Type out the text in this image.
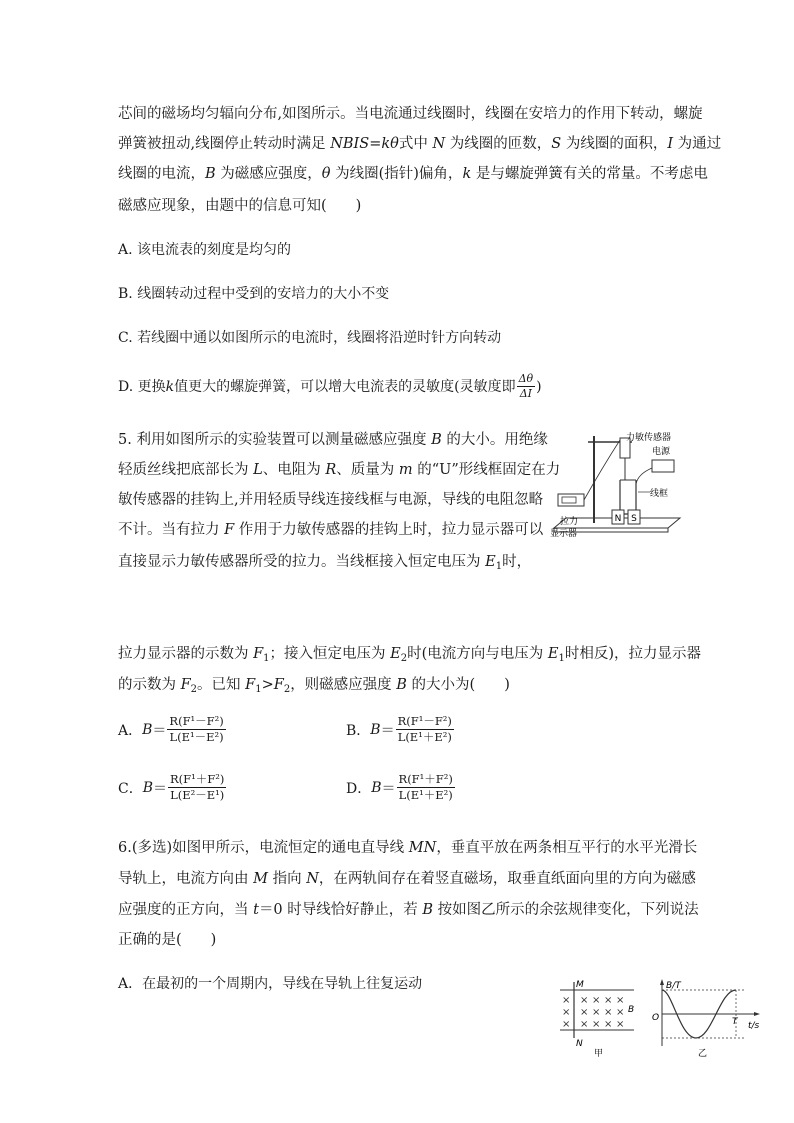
芯间的磁场均匀辐向分布,如图所示。当电流通过线圈时，线圈在安培力的作用下转动，螺旋
弹簧被扭动,线圈停止转动时满足 NBIS=kθ式中 N 为线圈的匝数，S 为线圈的面积，I 为通过
线圈的电流，B 为磁感应强度，θ 为线圈(指针)偏角，k 是与螺旋弹簧有关的常量。不考虑电
磁感应现象，由题中的信息可知(　　)
A. 该电流表的刻度是均匀的
B. 线圈转动过程中受到的安培力的大小不变
C. 若线圈中通以如图所示的电流时，线圈将沿逆时针方向转动
D. 更换 k 值更大的螺旋弹簧，可以增大电流表的灵敏度(灵敏度即 $\frac{\Delta\theta}{\Delta I}$ )
5. 利用如图所示的实验装置可以测量磁感应强度 B 的大小。用绝缘
轻质丝线把底部长为 L、电阻为 R、质量为 m 的“U”形线框固定在力
敏传感器的挂钩上,并用轻质导线连接线框与电源，导线的电阻忽略
不计。当有拉力 F 作用于力敏传感器的挂钩上时，拉力显示器可以
直接显示力敏传感器所受的拉力。当线框接入恒定电压为 $E_1$时，
N S
力敏传感器
电源
线框
拉力
显示器
拉力显示器的示数为 $F_1$；接入恒定电压为 $E_2$时(电流方向与电压为 $E_1$时相反)，拉力显示器
的示数为 $F_2$。已知 $F_1>F_2$，则磁感应强度 B 的大小为(　　)
A． $B = \frac{\text{R(F¹－F²)}}{\text{L(E¹－E²)}}$	B． $B = \frac{\text{R(F¹－F²)}}{\text{L(E¹＋E²)}}$
C． $B = \frac{\text{R(F¹＋F²)}}{\text{L(E²－E¹)}}$	D． $B = \frac{\text{R(F¹＋F²)}}{\text{L(E¹＋E²)}}$
6.(多选)如图甲所示，电流恒定的通电直导线 MN，垂直平放在两条相互平行的水平光滑长
导轨上，电流方向由 M 指向 N，在两轨间存在着竖直磁场，取垂直纸面向里的方向为磁感
应强度的正方向，当 t＝0 时导线恰好静止，若 B 按如图乙所示的余弦规律变化，下列说法
正确的是(　　)
A．在最初的一个周期内，导线在导轨上往复运动	M
N
B
×
×
×
× × × ×
× × × ×
× × × ×
甲
B/T
t/s
O	T
乙
